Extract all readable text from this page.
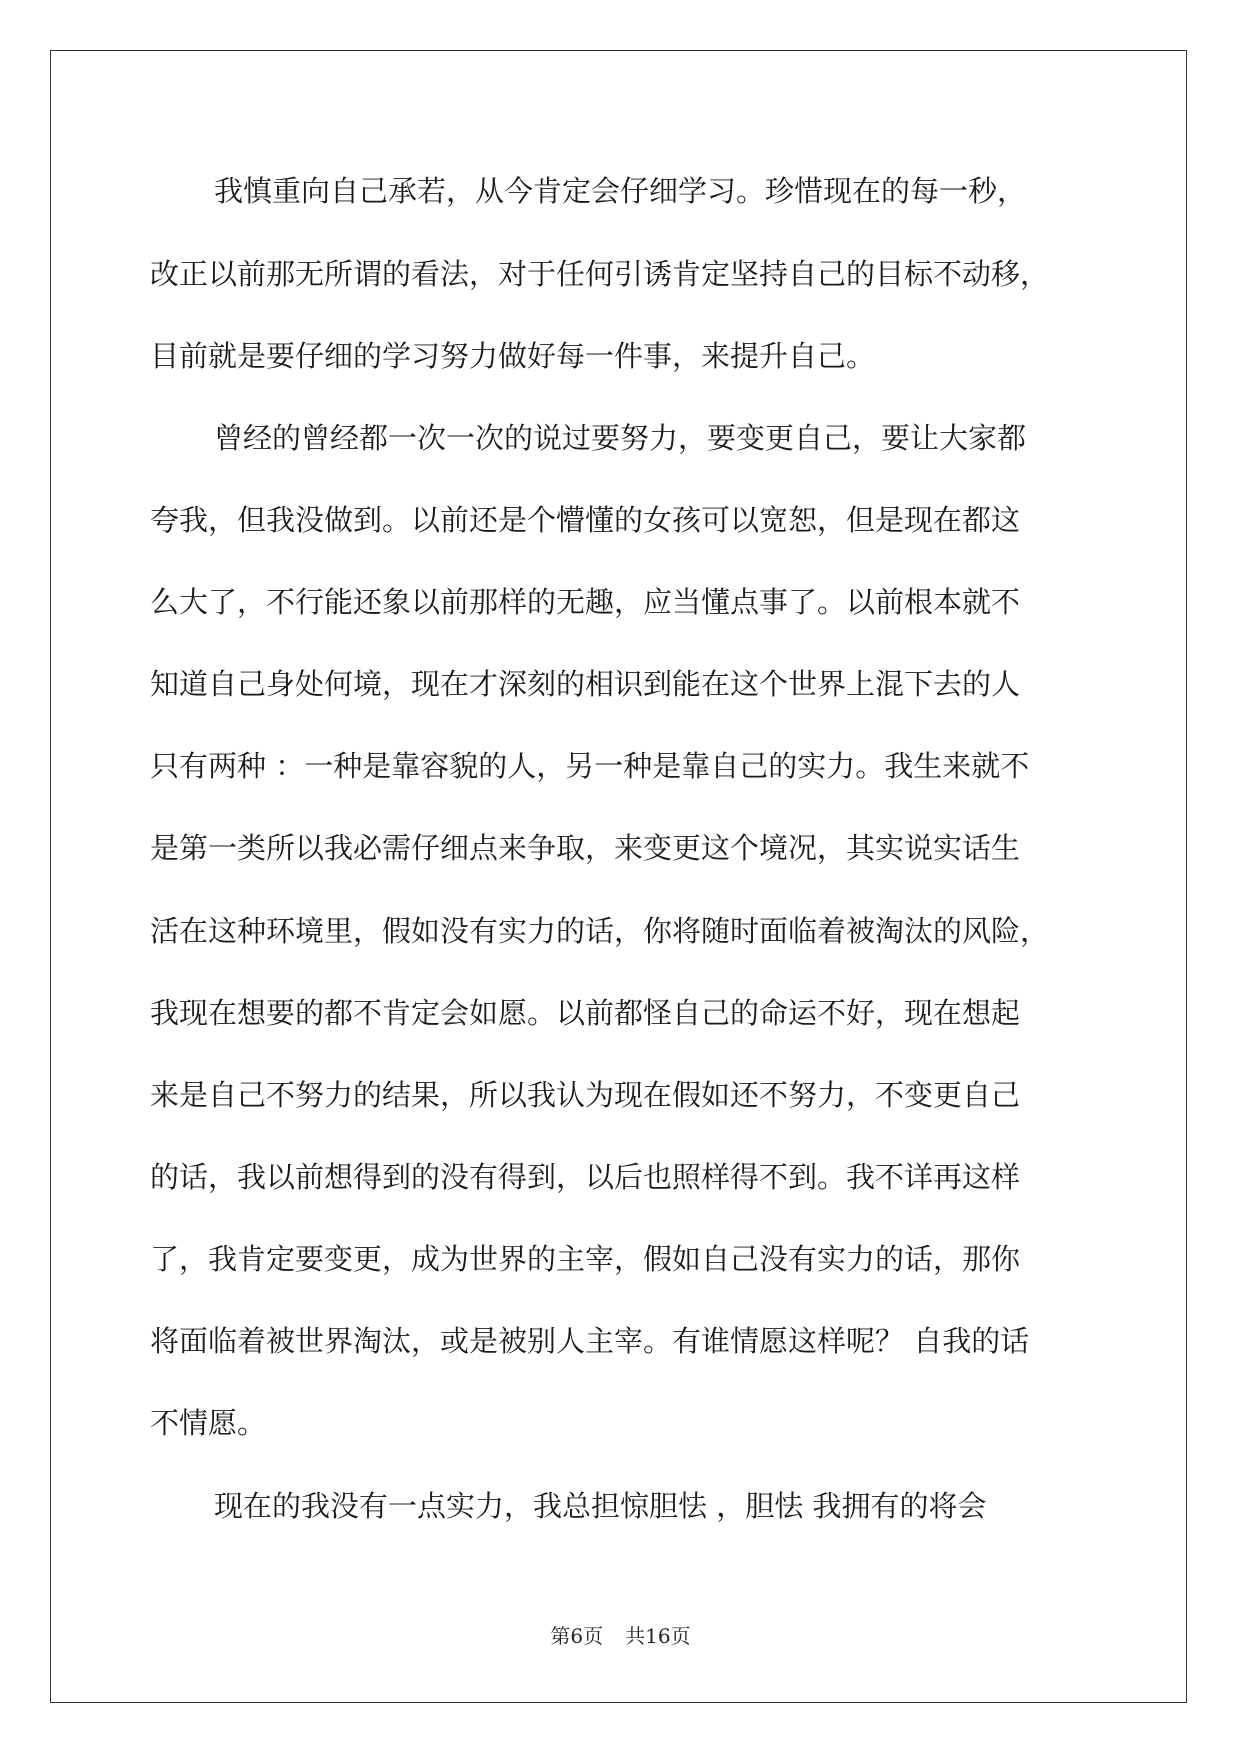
我慎重向自己承若，从今肯定会仔细学习。珍惜现在的每一秒，
改正以前那无所谓的看法，对于任何引诱肯定坚持自己的目标不动移，
目前就是要仔细的学习努力做好每一件事，来提升自己。
曾经的曾经都一次一次的说过要努力，要变更自己，要让大家都
夸我，但我没做到。以前还是个懵懂的女孩可以宽恕，但是现在都这
么大了，不行能还象以前那样的无趣，应当懂点事了。以前根本就不
知道自己身处何境，现在才深刻的相识到能在这个世界上混下去的人
只有两种 ：一种是靠容貌的人，另一种是靠自己的实力。我生来就不
是第一类所以我必需仔细点来争取，来变更这个境况，其实说实话生
活在这种环境里，假如没有实力的话，你将随时面临着被淘汰的风险，
我现在想要的都不肯定会如愿。以前都怪自己的命运不好，现在想起
来是自己不努力的结果，所以我认为现在假如还不努力，不变更自己
的话，我以前想得到的没有得到，以后也照样得不到。我不详再这样
了，我肯定要变更，成为世界的主宰，假如自己没有实力的话，那你
将面临着被世界淘汰，或是被别人主宰。有谁情愿这样呢？ 自我的话
不情愿。
现在的我没有一点实力，我总担惊胆怯 ，胆怯 我拥有的将会
第6页 共16页
